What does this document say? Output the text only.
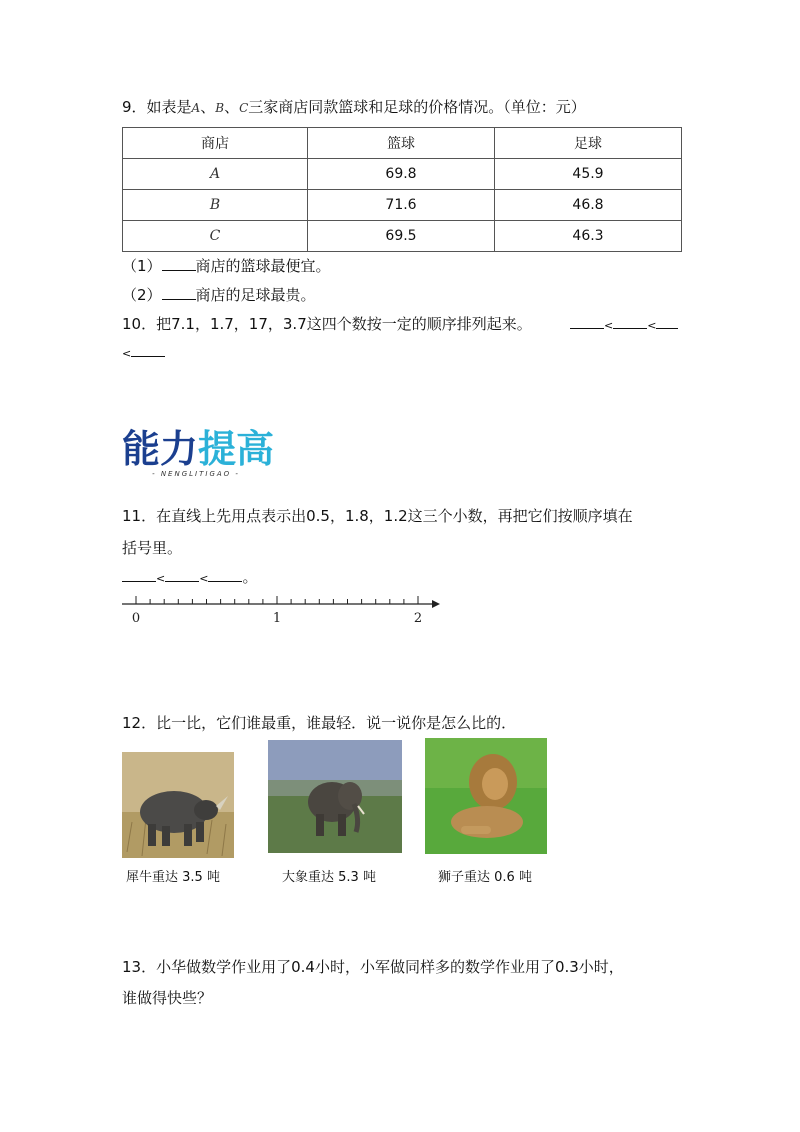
9．如表是A、B、C三家商店同款篮球和足球的价格情况。（单位：元）
商店	篮球	足球
A	69.8	45.9
B	71.6	46.8
C	69.5	46.3
（1） 商店的篮球最便宜。
（2） 商店的足球最贵。
10．把7.1，1.7，17，3.7这四个数按一定的顺序排列起来。	<	<
<
能力提高
- NENGLITIGAO -
11．在直线上先用点表示出0.5，1.8，1.2这三个小数，再把它们按顺序填在
括号里。
<	< 。
0	1	2
12．比一比，它们谁最重，谁最轻．说一说你是怎么比的．
犀牛重达 3.5 吨	大象重达 5.3 吨	狮子重达 0.6 吨
13．小华做数学作业用了0.4小时，小军做同样多的数学作业用了0.3小时，
谁做得快些？
